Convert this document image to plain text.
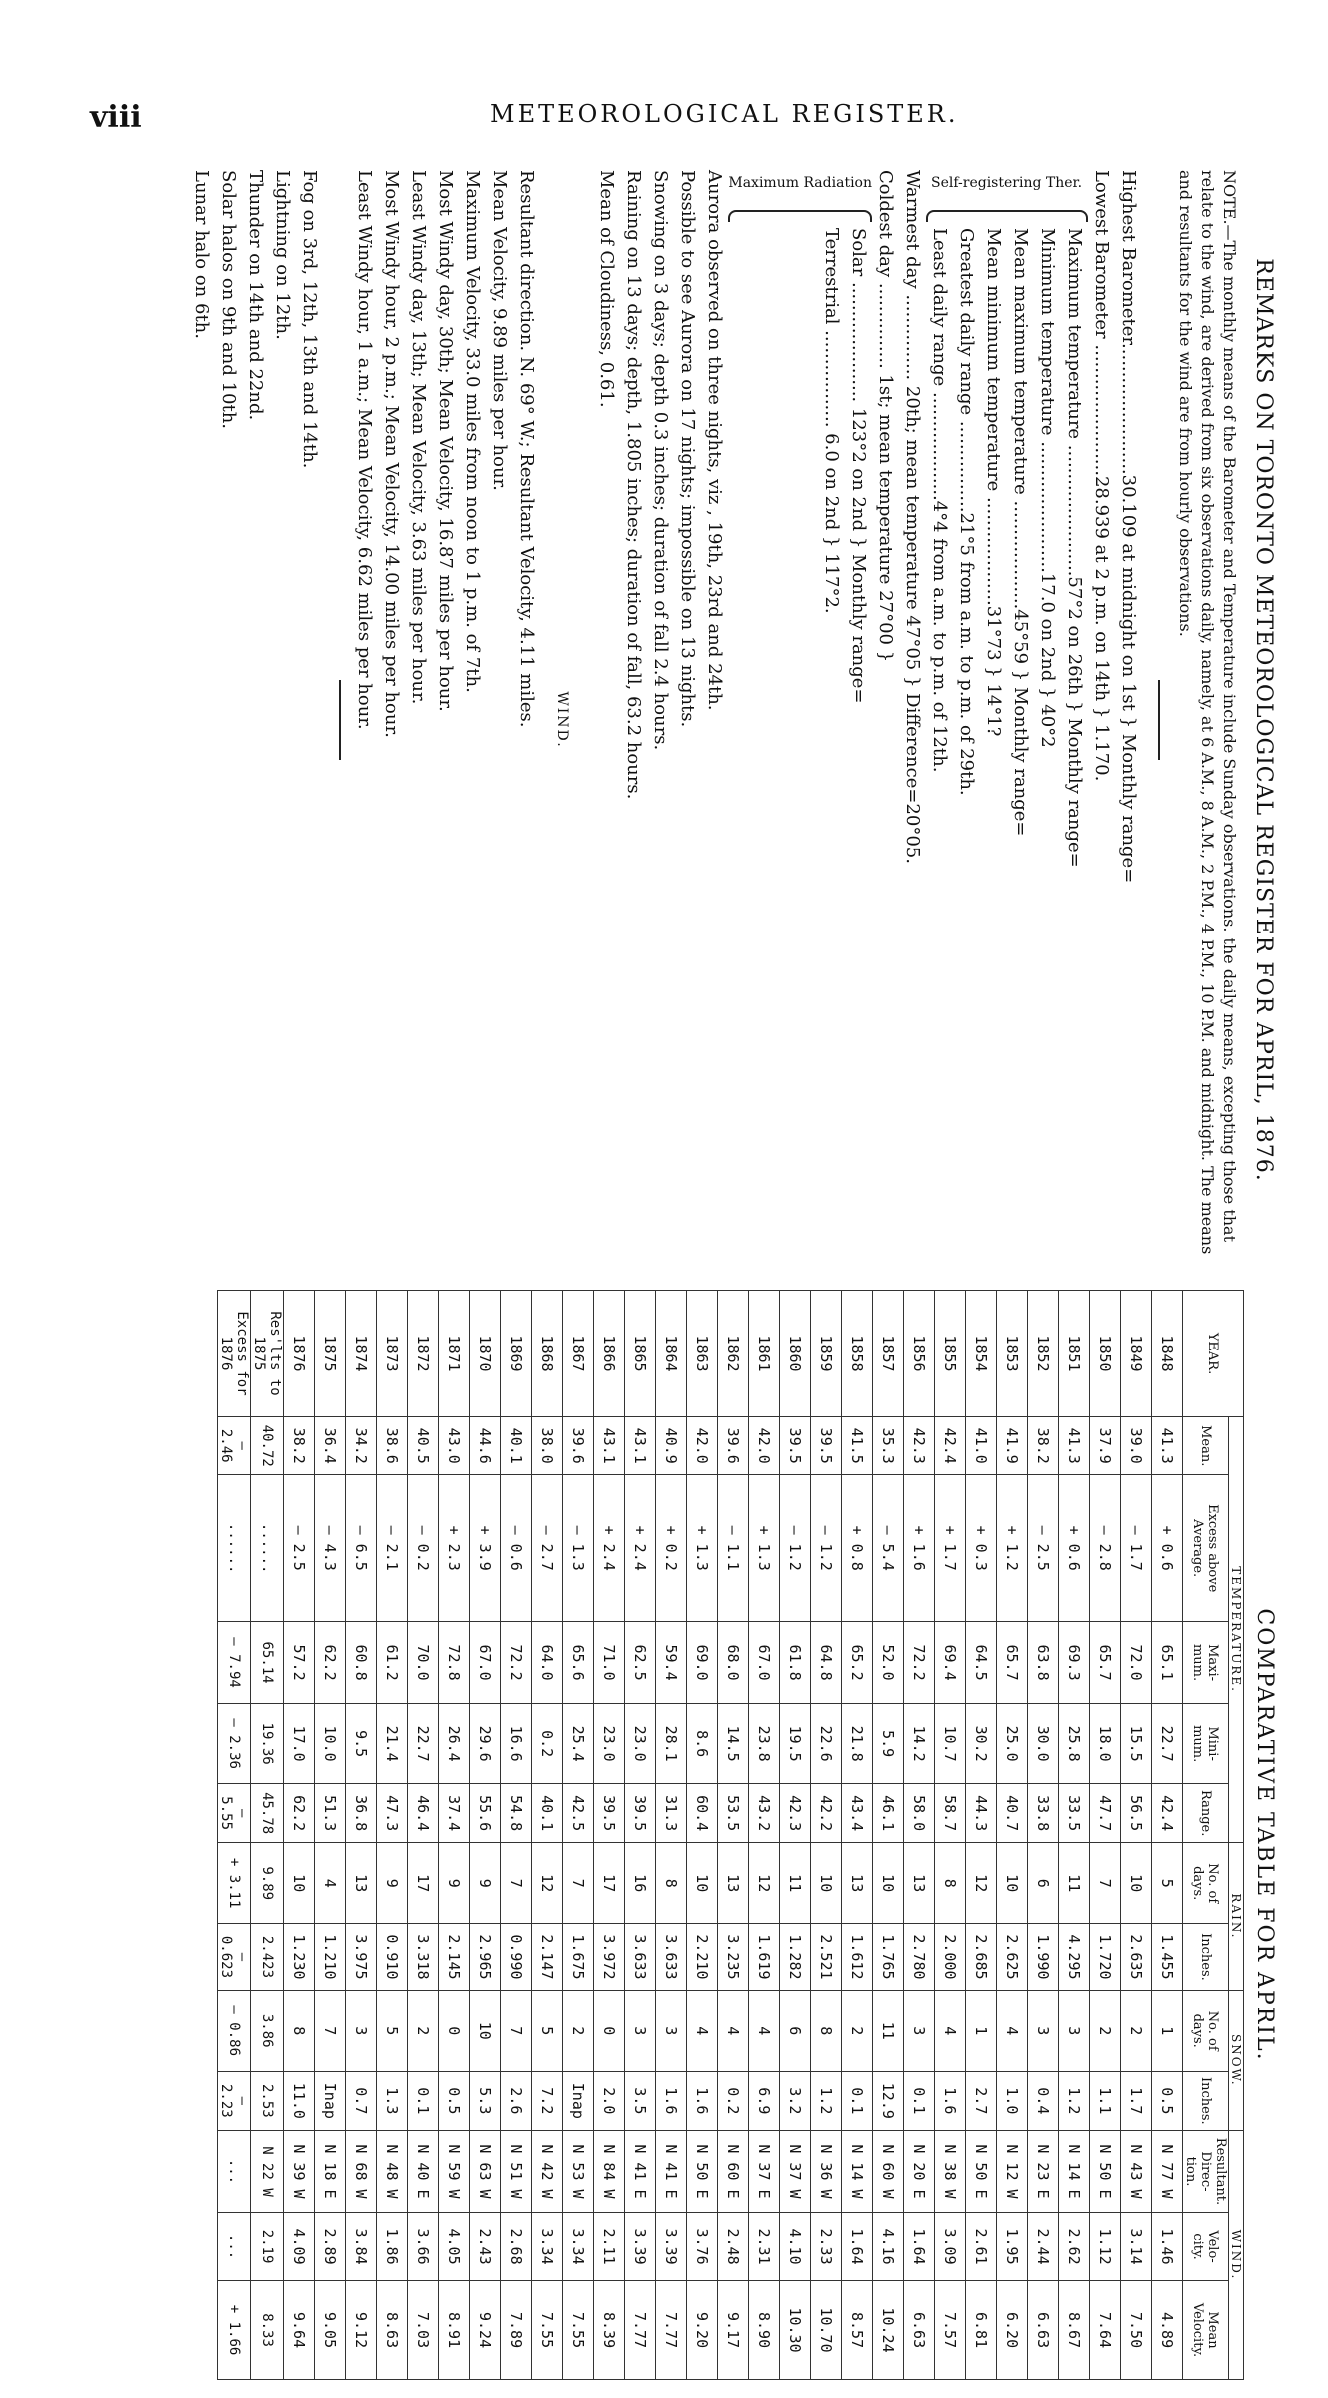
viii	METEOROLOGICAL REGISTER.
REMARKS ON TORONTO METEOROLOGICAL REGISTER FOR APRIL, 1876.
NOTE.—The monthly means of the Barometer and Temperature include Sunday observations. the daily means, excepting those that relate to the wind, are derived from six observations daily, namely, at 6 A.M., 8 A.M., 2 P.M., 4 P.M., 10 P.M. and midnight. The means and resultants for the wind are from hourly observations.
Highest Barometer.......................30.109 at midnight on 1st } Monthly range=
Lowest Barometer .......................28.939 at 2 p.m. on 14th } 1.170.
Self-registering Ther.
Maximum temperature .......................57°2 on 26th } Monthly range=
Minimum temperature .......................17.0 on 2nd } 40°2
Mean maximum temperature ...................45°59 } Monthly range=
Mean minimum temperature ...................31°73 } 14°1?
Greatest daily range ................21°5 from a.m. to p.m. of 29th.
Least daily range ...................4°4 from a.m. to p.m. of 12th.
Warmest day ............... 20th; mean temperature 47°05 } Difference=20°05.
Coldest day ............... 1st; mean temperature 27°00 }
Maximum Radiation
Solar ..................... 123°2 on 2nd } Monthly range=
Terrestrial ................. 6.0 on 2nd } 117°2.
Aurora observed on three nights, viz , 19th, 23rd and 24th.
Possible to see Aurora on 17 nights; impossible on 13 nights.
Snowing on 3 days; depth 0.3 inches; duration of fall 2.4 hours.
Raining on 13 days; depth, 1.805 inches; duration of fall, 63.2 hours.
Mean of Cloudiness, 0.61.
WIND.
Resultant direction. N. 69° W.; Resultant Velocity, 4.11 miles.
Mean Velocity, 9.89 miles per hour.
Maximum Velocity, 33.0 miles from noon to 1 p.m. of 7th.
Most Windy day, 30th; Mean Velocity, 16.87 miles per hour.
Least Windy day, 13th; Mean Velocity, 3.63 miles per hour.
Most Windy hour, 2 p.m.; Mean Velocity, 14.00 miles per hour.
Least Windy hour, 1 a.m.; Mean Velocity, 6.62 miles per hour.
Fog on 3rd, 12th, 13th and 14th.
Lightning on 12th.
Thunder on 14th and 22nd.
Solar halos on 9th and 10th.
Lunar halo on 6th.
COMPARATIVE TABLE FOR APRIL.
YEAR.	TEMPERATURE.					RAIN.		SNOW.		WIND.		
	Mean.	Excess above Average.	Maxi- mum.	Mini- mum.	Range.	No. of days.	Inches.	No. of days.	Inches.	Resultant.
Direc- tion.	Velo- city.	Mean Velocity.
1848	41.3	+ 0.6	65.1	22.7	42.4	5	1.455	1	0.5	N 77 W	1.46	4.89
1849	39.0	— 1.7	72.0	15.5	56.5	10	2.635	2	1.7	N 43 W	3.14	7.50
1850	37.9	— 2.8	65.7	18.0	47.7	7	1.720	2	1.1	N 50 E	1.12	7.64
1851	41.3	+ 0.6	69.3	25.8	33.5	11	4.295	3	1.2	N 14 E	2.62	8.67
1852	38.2	— 2.5	63.8	30.0	33.8	6	1.990	3	0.4	N 23 E	2.44	6.63
1853	41.9	+ 1.2	65.7	25.0	40.7	10	2.625	4	1.0	N 12 W	1.95	6.20
1854	41.0	+ 0.3	64.5	30.2	44.3	12	2.685	1	2.7	N 50 E	2.61	6.81
1855	42.4	+ 1.7	69.4	10.7	58.7	8	2.000	4	1.6	N 38 W	3.09	7.57
1856	42.3	+ 1.6	72.2	14.2	58.0	13	2.780	3	0.1	N 20 E	1.64	6.63
1857	35.3	— 5.4	52.0	5.9	46.1	10	1.765	11	12.9	N 60 W	4.16	10.24
1858	41.5	+ 0.8	65.2	21.8	43.4	13	1.612	2	0.1	N 14 W	1.64	8.57
1859	39.5	— 1.2	64.8	22.6	42.2	10	2.521	8	1.2	N 36 W	2.33	10.70
1860	39.5	— 1.2	61.8	19.5	42.3	11	1.282	6	3.2	N 37 W	4.10	10.30
1861	42.0	+ 1.3	67.0	23.8	43.2	12	1.619	4	6.9	N 37 E	2.31	8.90
1862	39.6	— 1.1	68.0	14.5	53.5	13	3.235	4	0.2	N 60 E	2.48	9.17
1863	42.0	+ 1.3	69.0	8.6	60.4	10	2.210	4	1.6	N 50 E	3.76	9.20
1864	40.9	+ 0.2	59.4	28.1	31.3	8	3.633	3	1.6	N 41 E	3.39	7.77
1865	43.1	+ 2.4	62.5	23.0	39.5	16	3.633	3	3.5	N 41 E	3.39	7.77
1866	43.1	+ 2.4	71.0	23.0	39.5	17	3.972	0	2.0	N 84 W	2.11	8.39
1867	39.6	— 1.3	65.6	25.4	42.5	7	1.675	2	Inap	N 53 W	3.34	7.55
1868	38.0	— 2.7	64.0	0.2	40.1	12	2.147	5	7.2	N 42 W	3.34	7.55
1869	40.1	— 0.6	72.2	16.6	54.8	7	0.990	7	2.6	N 51 W	2.68	7.89
1870	44.6	+ 3.9	67.0	29.6	55.6	9	2.965	10	5.3	N 63 W	2.43	9.24
1871	43.0	+ 2.3	72.8	26.4	37.4	9	2.145	0	0.5	N 59 W	4.05	8.91
1872	40.5	— 0.2	70.0	22.7	46.4	17	3.318	2	0.1	N 40 E	3.66	7.03
1873	38.6	— 2.1	61.2	21.4	47.3	9	0.910	5	1.3	N 48 W	1.86	8.63
1874	34.2	— 6.5	60.8	9.5	36.8	13	3.975	3	0.7	N 68 W	3.84	9.12
1875	36.4	— 4.3	62.2	10.0	51.3	4	1.210	7	Inap	N 18 E	2.89	9.05
1876	38.2	— 2.5	57.2	17.0	62.2	10	1.230	8	11.0	N 39 W	4.09	9.64
Res'lts to 1875	40.72	......	65.14	19.36	45.78	9.89	2.423	3.86	2.53	N 22 W	2.19	8.33
Excess for 1876	— 2.46	......	— 7.94	— 2.36	— 5.55	+ 3.11	— 0.623	— 0.86	— 2.23	...	...	+ 1.66
